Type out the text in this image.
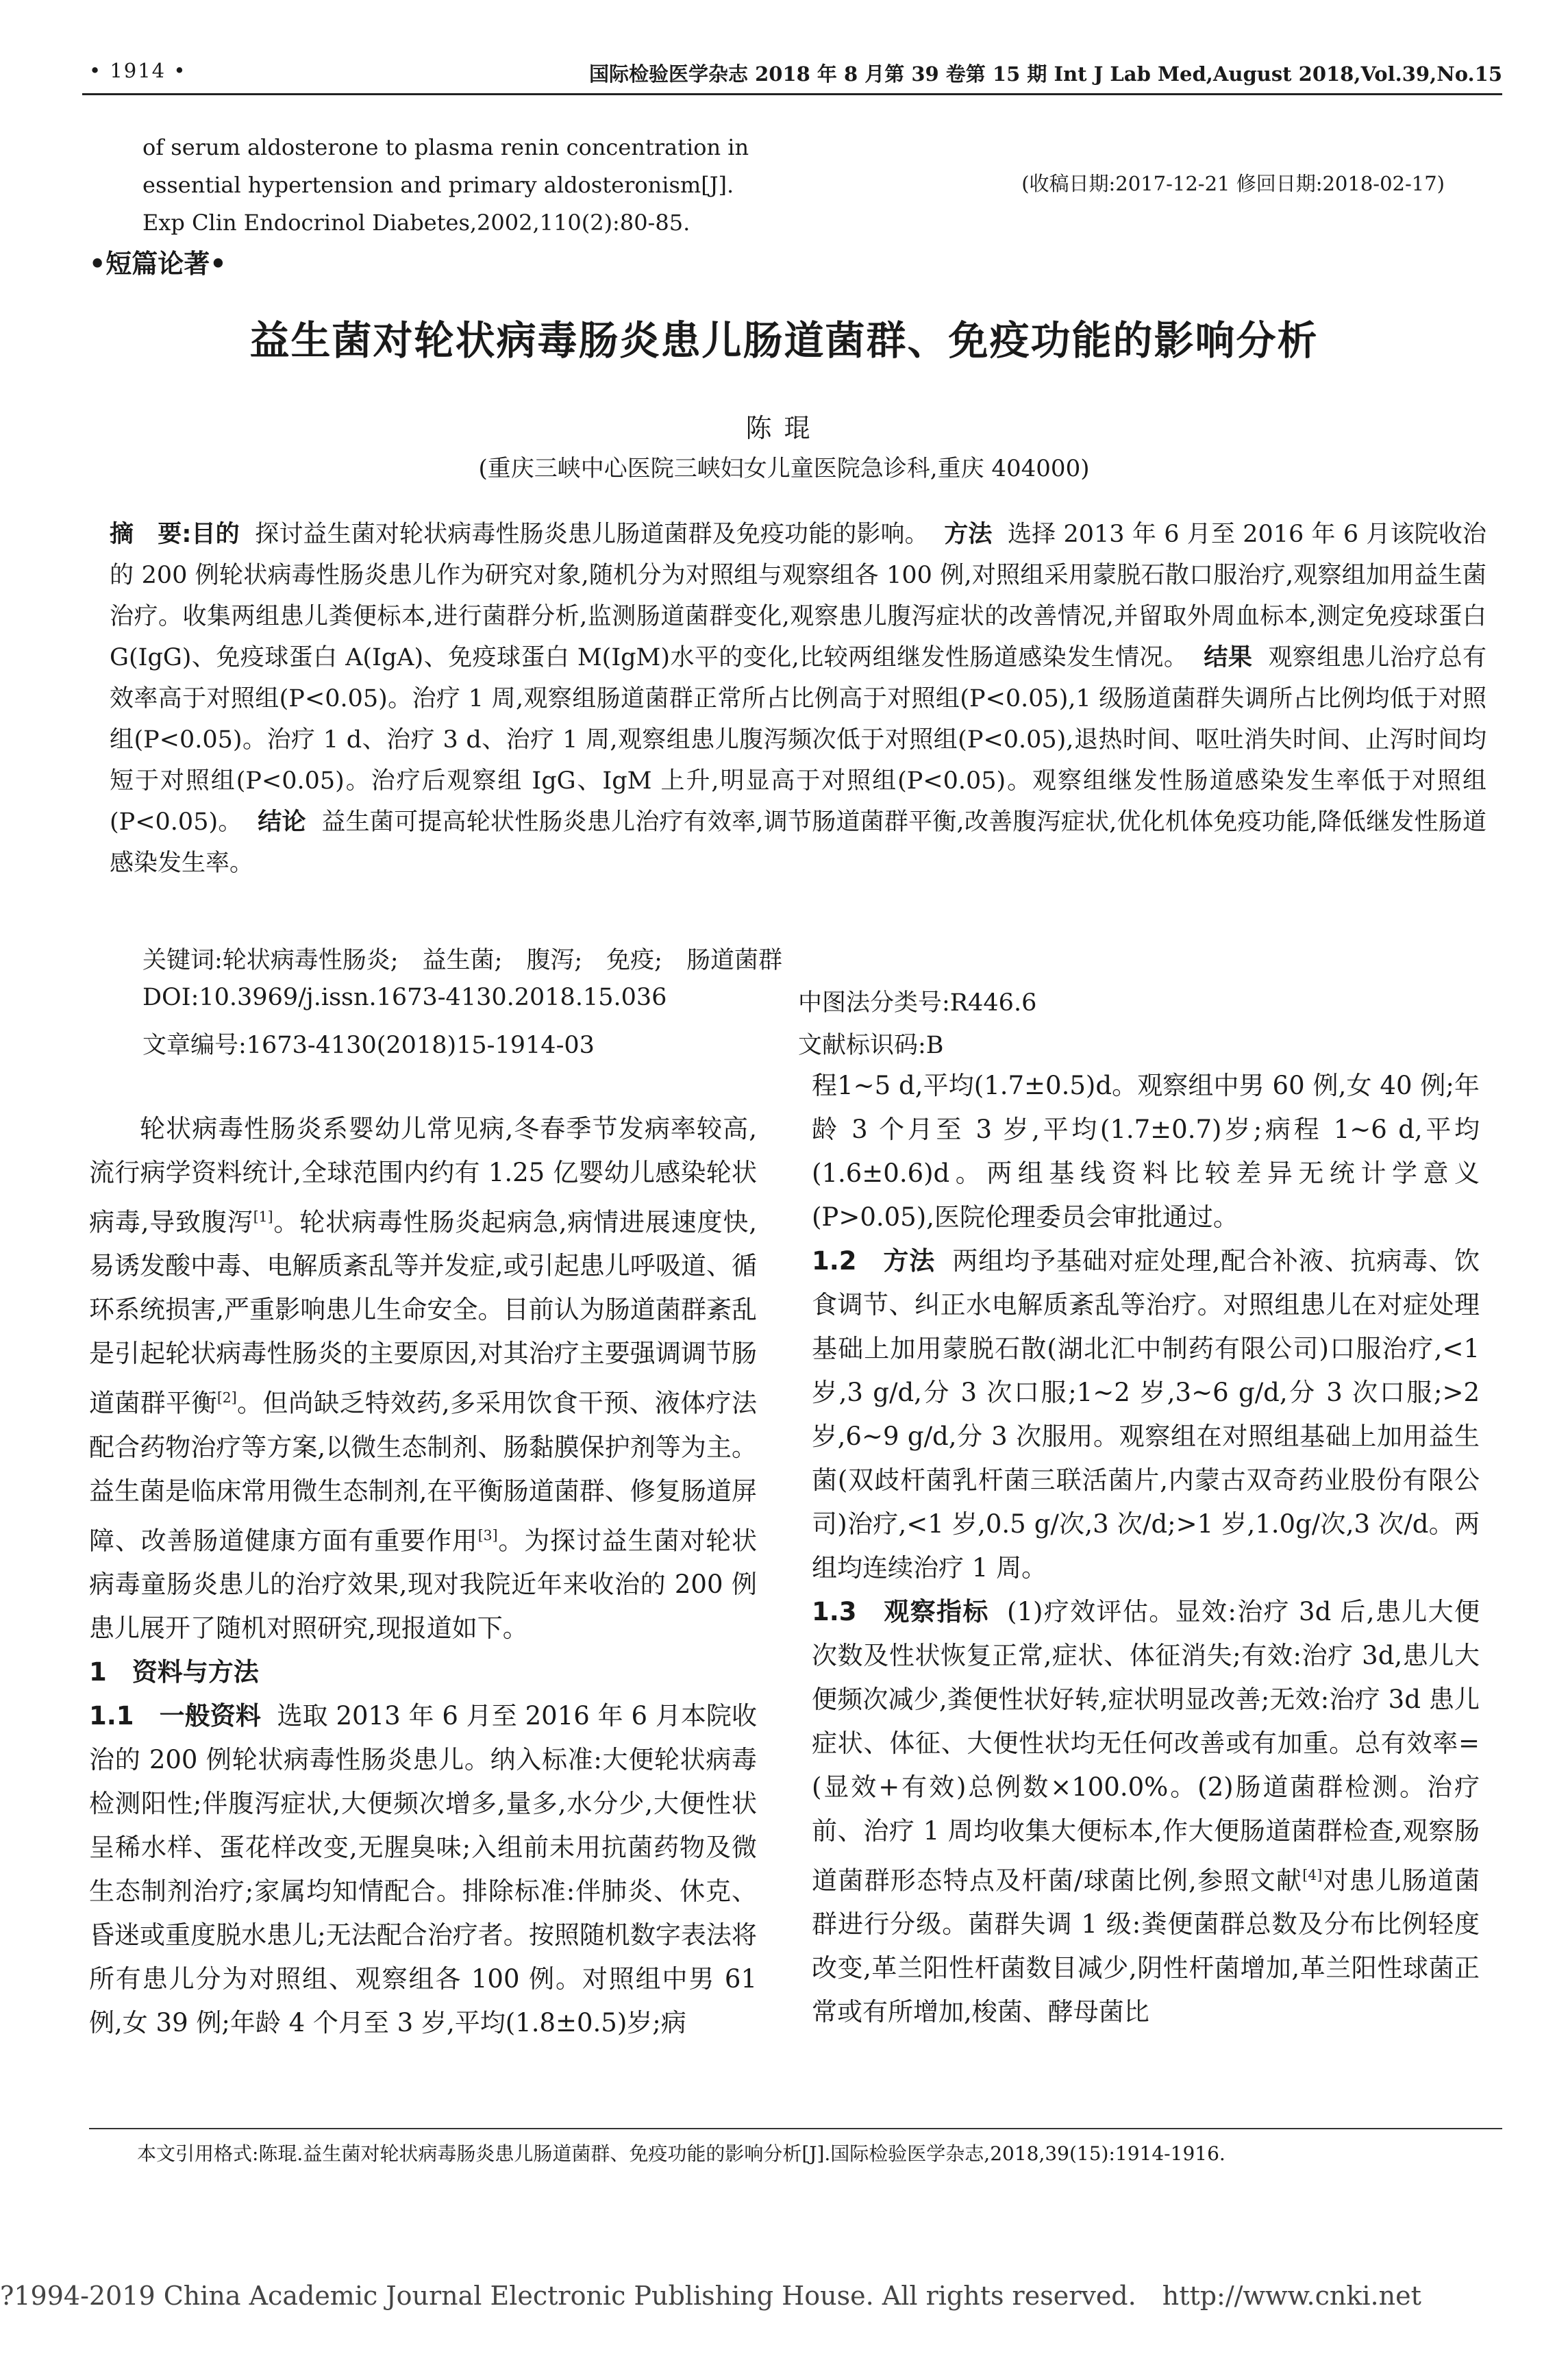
• 1914 •	国际检验医学杂志 2018 年 8 月第 39 卷第 15 期 Int J Lab Med,August 2018,Vol.39,No.15
of serum aldosterone to plasma renin concentration in essential hypertension and primary aldosteronism[J]. Exp Clin Endocrinol Diabetes,2002,110(2):80-85.
(收稿日期:2017-12-21 修回日期:2018-02-17)
•短篇论著•
益生菌对轮状病毒肠炎患儿肠道菌群、免疫功能的影响分析
陈琨
(重庆三峡中心医院三峡妇女儿童医院急诊科,重庆 404000)
摘　要:目的 探讨益生菌对轮状病毒性肠炎患儿肠道菌群及免疫功能的影响。 方法 选择 2013 年 6 月至 2016 年 6 月该院收治的 200 例轮状病毒性肠炎患儿作为研究对象,随机分为对照组与观察组各 100 例,对照组采用蒙脱石散口服治疗,观察组加用益生菌治疗。收集两组患儿粪便标本,进行菌群分析,监测肠道菌群变化,观察患儿腹泻症状的改善情况,并留取外周血标本,测定免疫球蛋白 G(IgG)、免疫球蛋白 A(IgA)、免疫球蛋白 M(IgM)水平的变化,比较两组继发性肠道感染发生情况。 结果 观察组患儿治疗总有效率高于对照组(P<0.05)。治疗 1 周,观察组肠道菌群正常所占比例高于对照组(P<0.05),1 级肠道菌群失调所占比例均低于对照组(P<0.05)。治疗 1 d、治疗 3 d、治疗 1 周,观察组患儿腹泻频次低于对照组(P<0.05),退热时间、呕吐消失时间、止泻时间均短于对照组(P<0.05)。治疗后观察组 IgG、IgM 上升,明显高于对照组(P<0.05)。观察组继发性肠道感染发生率低于对照组(P<0.05)。 结论 益生菌可提高轮状性肠炎患儿治疗有效率,调节肠道菌群平衡,改善腹泻症状,优化机体免疫功能,降低继发性肠道感染发生率。
关键词:轮状病毒性肠炎;　益生菌;　腹泻;　免疫;　肠道菌群
DOI:10.3969/j.issn.1673-4130.2018.15.036	中图法分类号:R446.6
文章编号:1673-4130(2018)15-1914-03	文献标识码:B

轮状病毒性肠炎系婴幼儿常见病,冬春季节发病率较高,流行病学资料统计,全球范围内约有 1.25 亿婴幼儿感染轮状病毒,导致腹泻[1]。轮状病毒性肠炎起病急,病情进展速度快,易诱发酸中毒、电解质紊乱等并发症,或引起患儿呼吸道、循环系统损害,严重影响患儿生命安全。目前认为肠道菌群紊乱是引起轮状病毒性肠炎的主要原因,对其治疗主要强调调节肠道菌群平衡[2]。但尚缺乏特效药,多采用饮食干预、液体疗法配合药物治疗等方案,以微生态制剂、肠黏膜保护剂等为主。益生菌是临床常用微生态制剂,在平衡肠道菌群、修复肠道屏障、改善肠道健康方面有重要作用[3]。为探讨益生菌对轮状病毒童肠炎患儿的治疗效果,现对我院近年来收治的 200 例患儿展开了随机对照研究,现报道如下。

1　资料与方法

1.1　一般资料 选取 2013 年 6 月至 2016 年 6 月本院收治的 200 例轮状病毒性肠炎患儿。纳入标准:大便轮状病毒检测阳性;伴腹泻症状,大便频次增多,量多,水分少,大便性状呈稀水样、蛋花样改变,无腥臭味;入组前未用抗菌药物及微生态制剂治疗;家属均知情配合。排除标准:伴肺炎、休克、昏迷或重度脱水患儿;无法配合治疗者。按照随机数字表法将所有患儿分为对照组、观察组各 100 例。对照组中男 61 例,女 39 例;年龄 4 个月至 3 岁,平均(1.8±0.5)岁;病

程1~5 d,平均(1.7±0.5)d。观察组中男 60 例,女 40 例;年龄 3 个月至 3 岁,平均(1.7±0.7)岁;病程 1~6 d,平均(1.6±0.6)d。两组基线资料比较差异无统计学意义(P>0.05),医院伦理委员会审批通过。

1.2　方法 两组均予基础对症处理,配合补液、抗病毒、饮食调节、纠正水电解质紊乱等治疗。对照组患儿在对症处理基础上加用蒙脱石散(湖北汇中制药有限公司)口服治疗,<1 岁,3 g/d,分 3 次口服;1~2 岁,3~6 g/d,分 3 次口服;>2 岁,6~9 g/d,分 3 次服用。观察组在对照组基础上加用益生菌(双歧杆菌乳杆菌三联活菌片,内蒙古双奇药业股份有限公司)治疗,<1 岁,0.5 g/次,3 次/d;>1 岁,1.0g/次,3 次/d。两组均连续治疗 1 周。

1.3　观察指标 (1)疗效评估。显效:治疗 3d 后,患儿大便次数及性状恢复正常,症状、体征消失;有效:治疗 3d,患儿大便频次减少,粪便性状好转,症状明显改善;无效:治疗 3d 患儿症状、体征、大便性状均无任何改善或有加重。总有效率=(显效+有效)总例数×100.0%。(2)肠道菌群检测。治疗前、治疗 1 周均收集大便标本,作大便肠道菌群检查,观察肠道菌群形态特点及杆菌/球菌比例,参照文献[4]对患儿肠道菌群进行分级。菌群失调 1 级:粪便菌群总数及分布比例轻度改变,革兰阳性杆菌数目减少,阴性杆菌增加,革兰阳性球菌正常或有所增加,梭菌、酵母菌比

本文引用格式:陈琨.益生菌对轮状病毒肠炎患儿肠道菌群、免疫功能的影响分析[J].国际检验医学杂志,2018,39(15):1914-1916.
?1994-2019 China Academic Journal Electronic Publishing House. All rights reserved.　http://www.cnki.net
